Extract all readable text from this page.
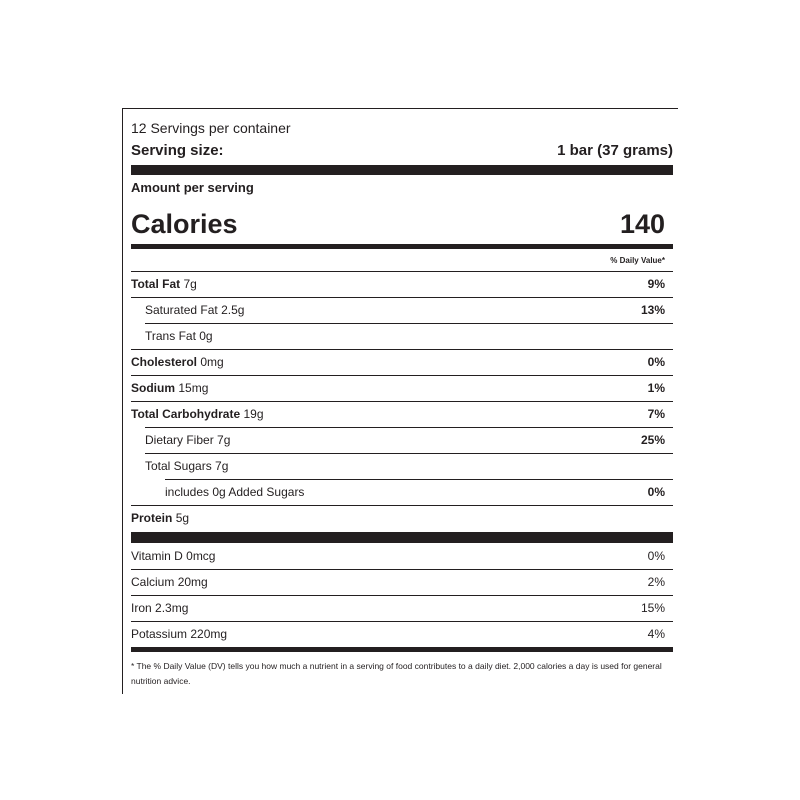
12 Servings per container
Serving size:	1 bar (37 grams)
Amount per serving
Calories	140
% Daily Value*
Total Fat 7g	9%
Saturated Fat 2.5g	13%
Trans Fat 0g
Cholesterol 0mg	0%
Sodium 15mg	1%
Total Carbohydrate 19g	7%
Dietary Fiber 7g	25%
Total Sugars 7g
includes 0g Added Sugars	0%
Protein 5g
Vitamin D 0mcg	0%
Calcium 20mg	2%
Iron 2.3mg	15%
Potassium 220mg	4%
* The % Daily Value (DV) tells you how much a nutrient in a serving of food contributes to a daily diet. 2,000 calories a day is used for general nutrition advice.
